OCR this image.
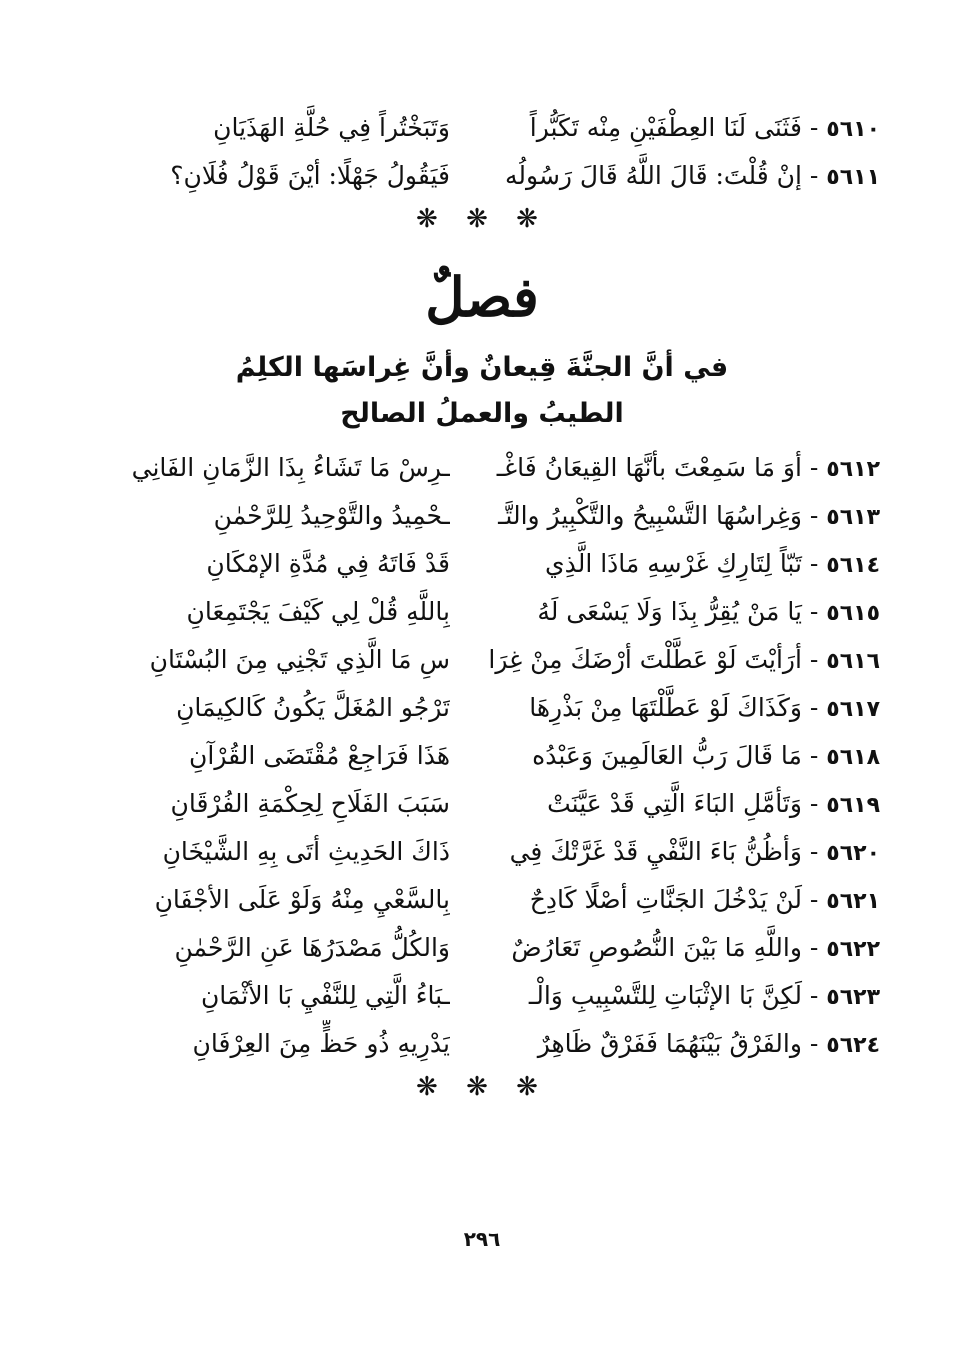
٥٦١٠ - فَثَنَى لَنَا العِطْفَيْنِ مِنْه تَكَبُّراً
وَتَبَخْتُراً فِي حُلَّةِ الهَذَيَانِ
٥٦١١ - إنْ قُلْتَ: قَالَ اللَّهُ قَالَ رَسُولُه
فَيَقُولُ جَهْلًا: أيْنَ قَوْلُ فُلَانِ؟
❋ ❋ ❋
فصلٌ
في أنَّ الجنَّةَ قِيعانٌ وأنَّ غِراسَها الكلِمُ
الطيبُ والعملُ الصالح
٥٦١٢ - أوَ مَا سَمِعْتَ بأنَّهَا القِيعَانُ فَاغْـ
ـرِسْ مَا تَشَاءُ بِذَا الزَّمَانِ الفَانِي
٥٦١٣ - وَغِراسُهَا التَّسْبِيحُ والتَّكْبِيرُ والتَّـ
ـحْمِيدُ والتَّوْحِيدُ لِلرَّحْمٰنِ
٥٦١٤ - تَبّاً لِتَارِكِ غَرْسِهِ مَاذَا الَّذِي
قَدْ فَاتَهُ فِي مُدَّةِ الإمْكَانِ
٥٦١٥ - يَا مَنْ يُقِرُّ بِذَا وَلَا يَسْعَى لَهُ
بِاللَّهِ قُلْ لِي كَيْفَ يَجْتَمِعَانِ
٥٦١٦ - أرَأيْتَ لَوْ عَطَّلْتَ أرْضَكَ مِنْ غِرَا
سِ مَا الَّذِي تَجْنِي مِنَ البُسْتَانِ
٥٦١٧ - وَكَذَاكَ لَوْ عَطَّلْتَهَا مِنْ بَذْرِهَا
تَرْجُو المُغَلَّ يَكُونُ كَالكِيمَانِ
٥٦١٨ - مَا قَالَ رَبُّ العَالَمِينَ وَعَبْدُه
هَذَا فَرَاجِعْ مُقْتَضَى القُرْآنِ
٥٦١٩ - وَتَأمَّلِ البَاءَ الَّتِي قَدْ عَيَّنَتْ
سَبَبَ الفَلَاحِ لِحِكْمَةِ الفُرْقَانِ
٥٦٢٠ - وَأظُنُّ بَاءَ النَّفْيِ قَدْ غَرَّتْكَ فِي
ذَاكَ الحَدِيثِ أتَى بِهِ الشَّيْخَانِ
٥٦٢١ - لَنْ يَدْخُلَ الجَنَّاتِ أصْلًا كَادِحٌ
بِالسَّعْيِ مِنْهُ وَلَوْ عَلَى الأجْفَانِ
٥٦٢٢ - واللَّهِ مَا بَيْنَ النُّصُوصِ تَعَارُضٌ
وَالكُلُّ مَصْدَرُهَا عَنِ الرَّحْمٰنِ
٥٦٢٣ - لَكِنَّ بَا الإثْبَاتِ لِلتَّسْبِيبِ وَالْـ
ـبَاءُ الَّتِي لِلنَّفْيِ بَا الأثْمَانِ
٥٦٢٤ - والفَرْقُ بَيْنَهُمَا فَفَرْقٌ ظَاهِرٌ
يَدْرِيهِ ذُو حَظٍّ مِنَ العِرْفَانِ
❋ ❋ ❋
٢٩٦
